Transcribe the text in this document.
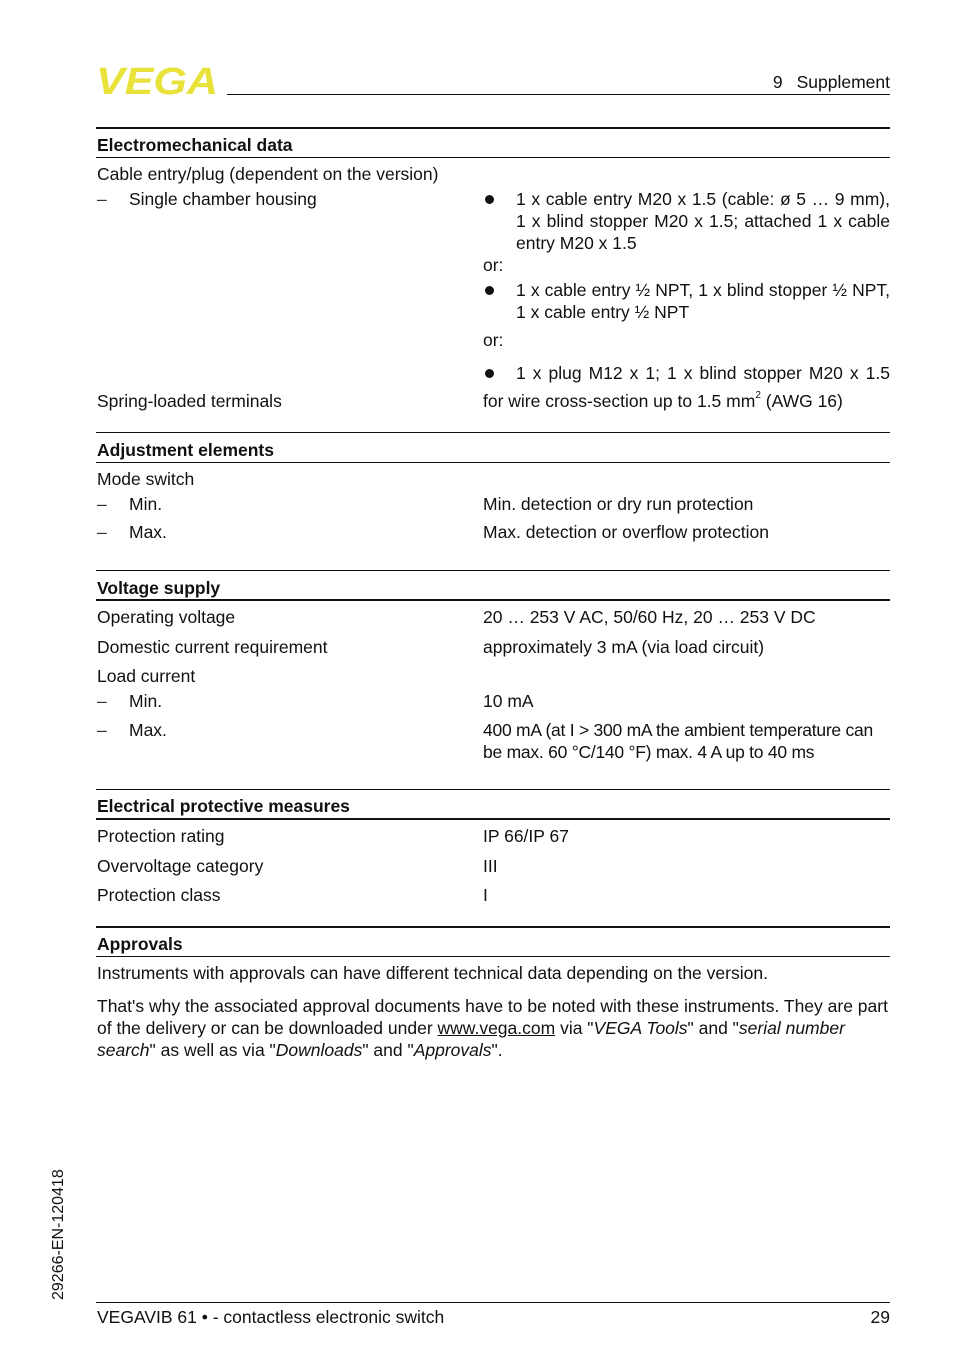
VEGA	9 Supplement
Electromechanical data
Cable entry/plug (dependent on the version)
– Single chamber housing	1 x cable entry M20 x 1.5 (cable: ø 5 … 9 mm), 1 x blind stopper M20 x 1.5; attached 1 x cable entry M20 x 1.5
or:
1 x cable entry ½ NPT, 1 x blind stopper ½ NPT, 1 x cable entry ½ NPT
or:
1 x plug M12 x 1; 1 x blind stopper M20 x 1.5
Spring-loaded terminals	for wire cross-section up to 1.5 $mm^2$ (AWG 16)
Adjustment elements
Mode switch
– Min.	Min. detection or dry run protection
– Max.	Max. detection or overflow protection
Voltage supply
Operating voltage	20 … 253 V AC, 50/60 Hz, 20 … 253 V DC
Domestic current requirement	approximately 3 mA (via load circuit)
Load current
– Min.	10 mA
– Max.	400 mA (at I > 300 mA the ambient temperature can be max. 60 °C/140 °F) max. 4 A up to 40 ms
Electrical protective measures
Protection rating	IP 66/IP 67
Overvoltage category	III
Protection class	I
Approvals
Instruments with approvals can have different technical data depending on the version.
That's why the associated approval documents have to be noted with these instruments. They are part of the delivery or can be downloaded under www.vega.com via "VEGA Tools" and "serial number search" as well as via "Downloads" and "Approvals".
29266-EN-120418
VEGAVIB 61 • - contactless electronic switch	29
